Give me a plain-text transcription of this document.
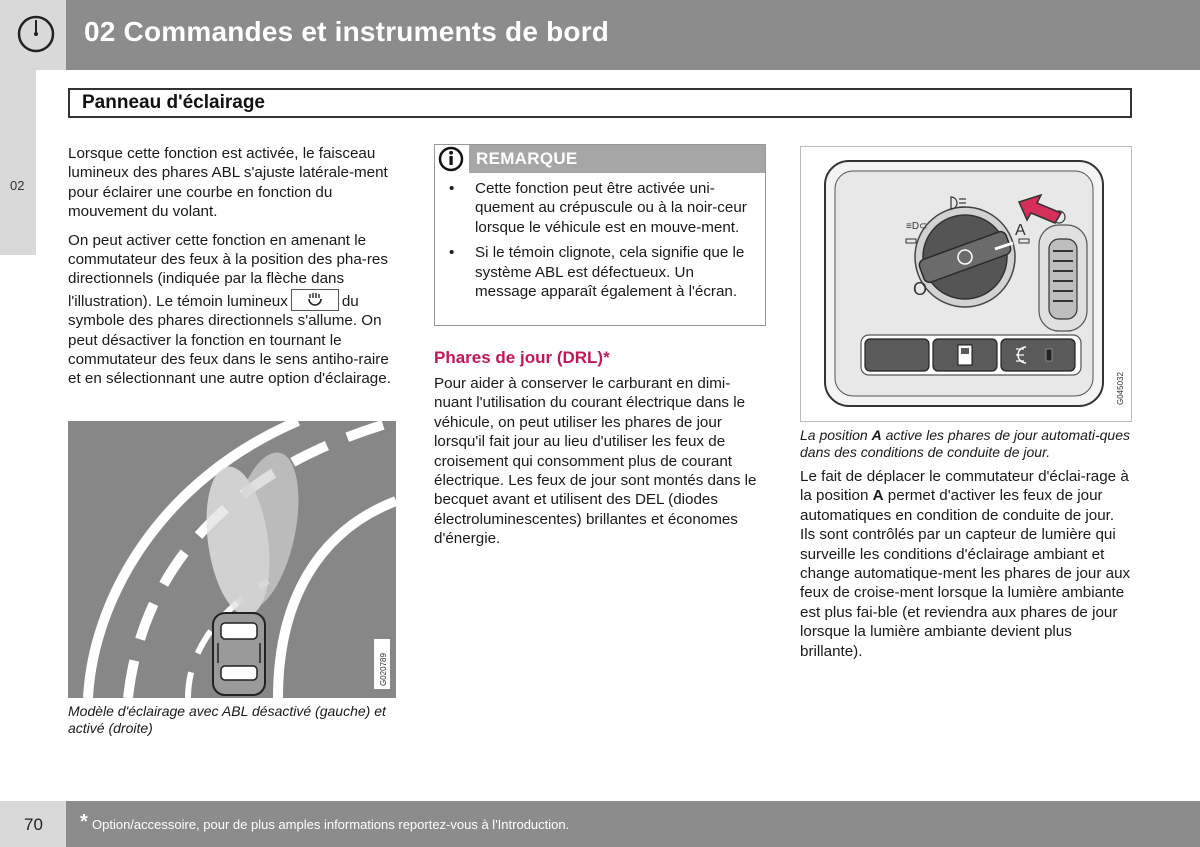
02 Commandes et instruments de bord
02
Panneau d'éclairage

Lorsque cette fonction est activée, le faisceau lumineux des phares ABL s'ajuste latérale-ment pour éclairer une courbe en fonction du mouvement du volant.

On peut activer cette fonction en amenant le commutateur des feux à la position des pha-res directionnels (indiquée par la flèche dans l'illustration). Le témoin lumineux	du symbole des phares directionnels s'allume. On peut désactiver la fonction en tournant le commutateur des feux dans le sens antiho-raire et en sélectionnant une autre option d'éclairage.

G020789
Modèle d'éclairage avec ABL désactivé (gauche) et activé (droite)
REMARQUE
• Cette fonction peut être activée uni-quement au crépuscule ou à la noir-ceur lorsque le véhicule est en mouve-ment.
• Si le témoin clignote, cela signifie que le système ABL est défectueux. Un message apparaît également à l'écran.
Phares de jour (DRL)*

Pour aider à conserver le carburant en dimi-nuant l'utilisation du courant électrique dans le véhicule, on peut utiliser les phares de jour lorsqu'il fait jour au lieu d'utiliser les feux de croisement qui consomment plus de courant électrique. Les feux de jour sont montés dans le becquet avant et utilisent des DEL (diodes électroluminescentes) brillantes et économes d'énergie.

≡D⊂	A
O
G045032
La position A active les phares de jour automati-ques dans des conditions de conduite de jour.

Le fait de déplacer le commutateur d'éclai-rage à la position A permet d'activer les feux de jour automatiques en condition de conduite de jour. Ils sont contrôlés par un capteur de lumière qui surveille les conditions d'éclairage ambiant et change automatique-ment les phares de jour aux feux de croise-ment lorsque la lumière ambiante est plus fai-ble (et reviendra aux phares de jour lorsque la lumière ambiante devient plus brillante).

70 * Option/accessoire, pour de plus amples informations reportez-vous à l'Introduction.
